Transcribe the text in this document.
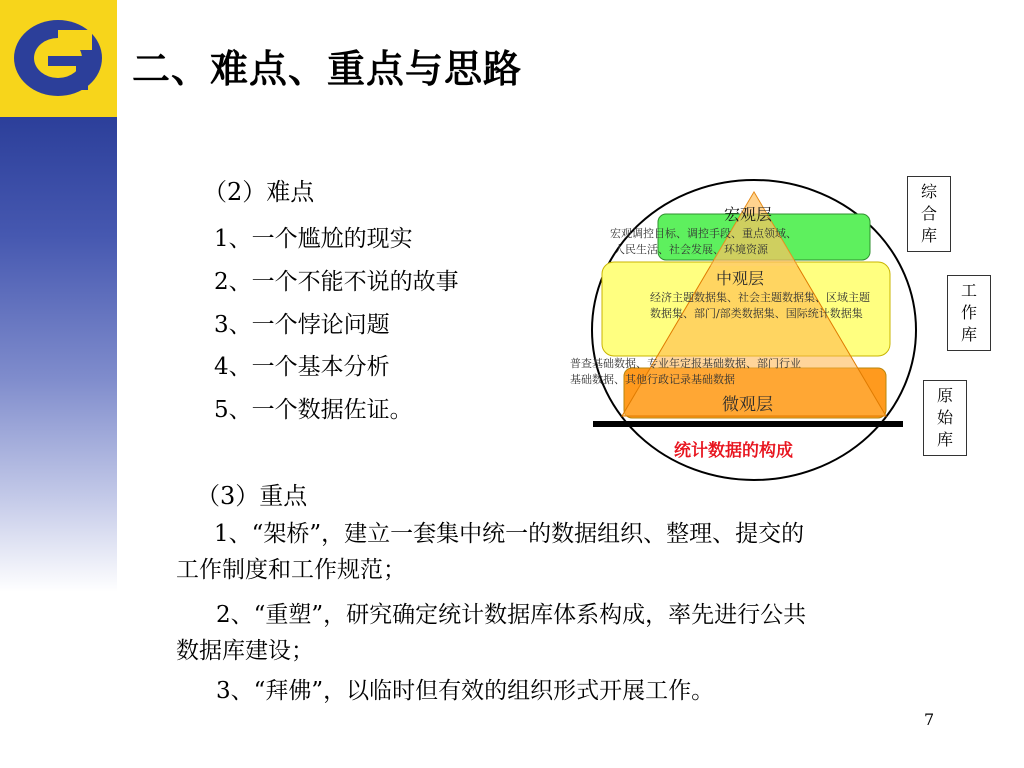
二、难点、重点与思路
（2）难点
1、一个尴尬的现实
2、一个不能不说的故事
3、一个悖论问题
4、一个基本分析
5、一个数据佐证。
（3）重点
1、“架桥”，建立一套集中统一的数据组织、整理、提交的
工作制度和工作规范；
2、“重塑”，研究确定统计数据库体系构成，率先进行公共
数据库建设；
3、“拜佛”，以临时但有效的组织形式开展工作。
宏观层
宏观调控目标、调控手段、重点领域、
人民生活、社会发展、环境资源
中观层
经济主题数据集、社会主题数据集、区域主题
数据集、部门/部类数据集、国际统计数据集
普查基础数据、专业年定报基础数据、部门行业
基础数据、其他行政记录基础数据
微观层
统计数据的构成
综
合
库
工
作
库
原
始
库
7
